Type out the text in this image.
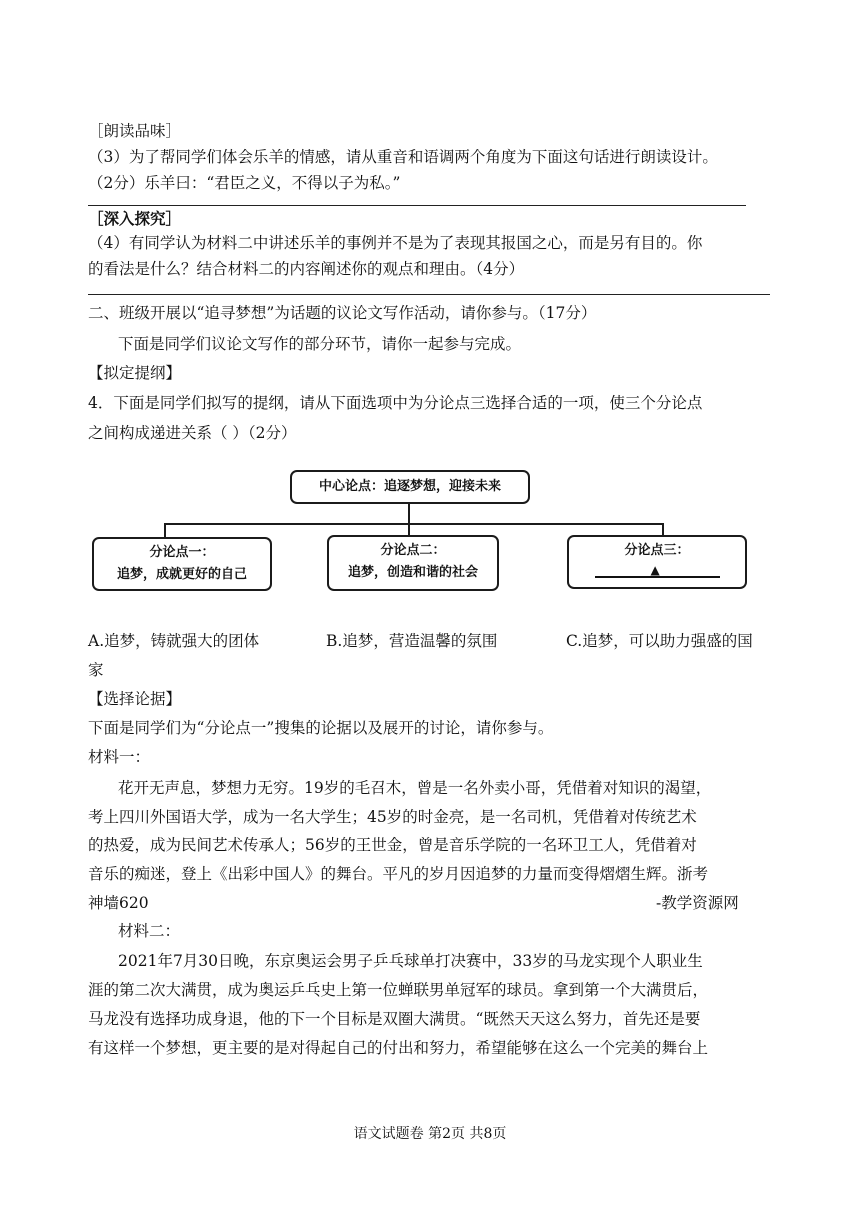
［朗读品味］
（3）为了帮同学们体会乐羊的情感，请从重音和语调两个角度为下面这句话进行朗读设计。
（2分）乐羊曰：“君臣之义，不得以子为私。”
［深入探究］
（4）有同学认为材料二中讲述乐羊的事例并不是为了表现其报国之心，而是另有目的。你
的看法是什么？结合材料二的内容阐述你的观点和理由。（4分）
二、班级开展以“追寻梦想”为话题的议论文写作活动，请你参与。（17分）
下面是同学们议论文写作的部分环节，请你一起参与完成。
【拟定提纲】
4．下面是同学们拟写的提纲，请从下面选项中为分论点三选择合适的一项，使三个分论点
之间构成递进关系（ ）（2分）
中心论点：追逐梦想，迎接未来
分论点一：
追梦，成就更好的自己
分论点二：
追梦，创造和谐的社会
分论点三：
▲
A.追梦，铸就强大的团体	B.追梦，营造温馨的氛围	C.追梦，可以助力强盛的国
家
【选择论据】
下面是同学们为“分论点一”搜集的论据以及展开的讨论，请你参与。
材料一：
花开无声息，梦想力无穷。19岁的毛召木，曾是一名外卖小哥，凭借着对知识的渴望，
考上四川外国语大学，成为一名大学生；45岁的时金亮，是一名司机，凭借着对传统艺术
的热爱，成为民间艺术传承人；56岁的王世金，曾是音乐学院的一名环卫工人，凭借着对
音乐的痴迷，登上《出彩中国人》的舞台。平凡的岁月因追梦的力量而变得熠熠生辉。浙考
神墙620	-教学资源网
材料二：
2021年7月30日晚，东京奥运会男子乒乓球单打决赛中，33岁的马龙实现个人职业生
涯的第二次大满贯，成为奥运乒乓史上第一位蝉联男单冠军的球员。拿到第一个大满贯后，
马龙没有选择功成身退，他的下一个目标是双圈大满贯。“既然天天这么努力，首先还是要
有这样一个梦想，更主要的是对得起自己的付出和努力，希望能够在这么一个完美的舞台上
语文试题卷 第2页 共8页
